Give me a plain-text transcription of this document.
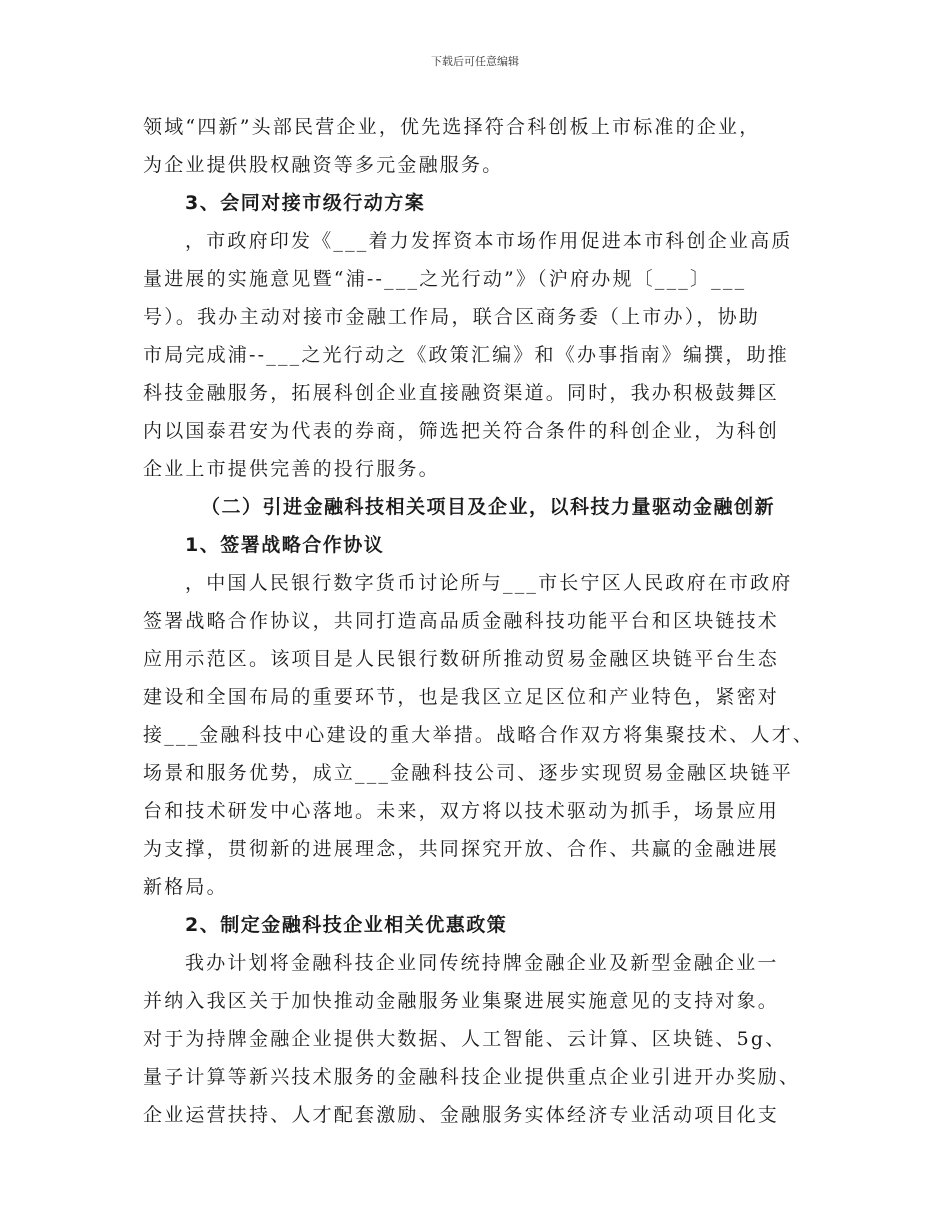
下载后可任意编辑
领域“四新”头部民营企业，优先选择符合科创板上市标准的企业，
为企业提供股权融资等多元金融服务。
3、会同对接市级行动方案
，市政府印发《___着力发挥资本市场作用促进本市科创企业高质
量进展的实施意见暨“浦--___之光行动”》（沪府办规〔___〕___
号）。我办主动对接市金融工作局，联合区商务委（上市办），协助
市局完成浦--___之光行动之《政策汇编》和《办事指南》编撰，助推
科技金融服务，拓展科创企业直接融资渠道。同时，我办积极鼓舞区
内以国泰君安为代表的券商，筛选把关符合条件的科创企业，为科创
企业上市提供完善的投行服务。
（二）引进金融科技相关项目及企业，以科技力量驱动金融创新
1、签署战略合作协议
，中国人民银行数字货币讨论所与___市长宁区人民政府在市政府
签署战略合作协议，共同打造高品质金融科技功能平台和区块链技术
应用示范区。该项目是人民银行数研所推动贸易金融区块链平台生态
建设和全国布局的重要环节，也是我区立足区位和产业特色，紧密对
接___金融科技中心建设的重大举措。战略合作双方将集聚技术、人才、
场景和服务优势，成立___金融科技公司、逐步实现贸易金融区块链平
台和技术研发中心落地。未来，双方将以技术驱动为抓手，场景应用
为支撑，贯彻新的进展理念，共同探究开放、合作、共赢的金融进展
新格局。
2、制定金融科技企业相关优惠政策
我办计划将金融科技企业同传统持牌金融企业及新型金融企业一
并纳入我区关于加快推动金融服务业集聚进展实施意见的支持对象。
对于为持牌金融企业提供大数据、人工智能、云计算、区块链、5g、
量子计算等新兴技术服务的金融科技企业提供重点企业引进开办奖励、
企业运营扶持、人才配套激励、金融服务实体经济专业活动项目化支
